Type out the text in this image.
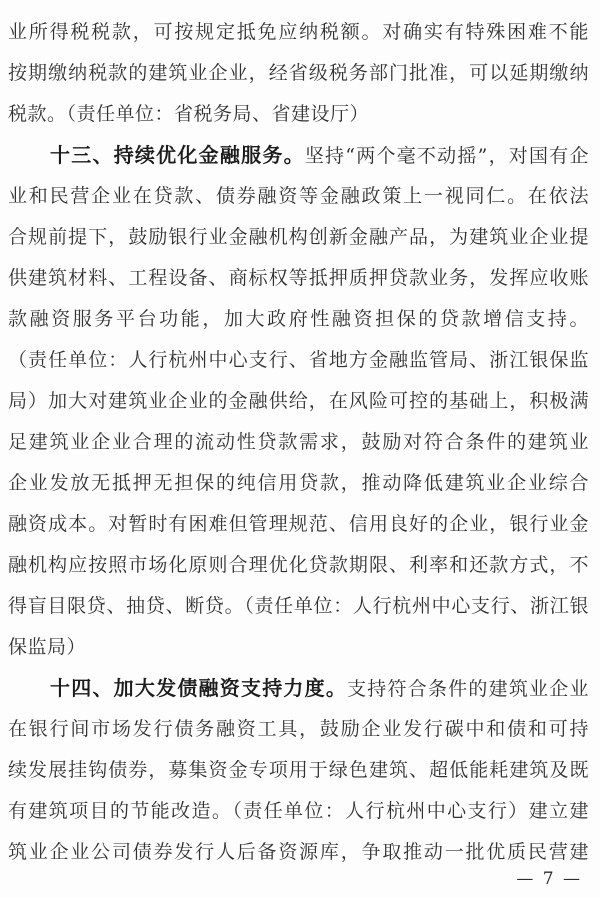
业所得税税款，可按规定抵免应纳税额。对确实有特殊困难不能
按期缴纳税款的建筑业企业，经省级税务部门批准，可以延期缴纳
税款。（责任单位：省税务局、省建设厅）
十三、持续优化金融服务。坚持“两个毫不动摇”，对国有企
业和民营企业在贷款、债券融资等金融政策上一视同仁。在依法
合规前提下，鼓励银行业金融机构创新金融产品，为建筑业企业提
供建筑材料、工程设备、商标权等抵押质押贷款业务，发挥应收账
款融资服务平台功能，加大政府性融资担保的贷款增信支持。
（责任单位：人行杭州中心支行、省地方金融监管局、浙江银保监
局）加大对建筑业企业的金融供给，在风险可控的基础上，积极满
足建筑业企业合理的流动性贷款需求，鼓励对符合条件的建筑业
企业发放无抵押无担保的纯信用贷款，推动降低建筑业企业综合
融资成本。对暂时有困难但管理规范、信用良好的企业，银行业金
融机构应按照市场化原则合理优化贷款期限、利率和还款方式，不
得盲目限贷、抽贷、断贷。（责任单位：人行杭州中心支行、浙江银
保监局）
十四、加大发债融资支持力度。支持符合条件的建筑业企业
在银行间市场发行债务融资工具，鼓励企业发行碳中和债和可持
续发展挂钩债券，募集资金专项用于绿色建筑、超低能耗建筑及既
有建筑项目的节能改造。（责任单位：人行杭州中心支行）建立建
筑业企业公司债券发行人后备资源库，争取推动一批优质民营建
— 7 —
